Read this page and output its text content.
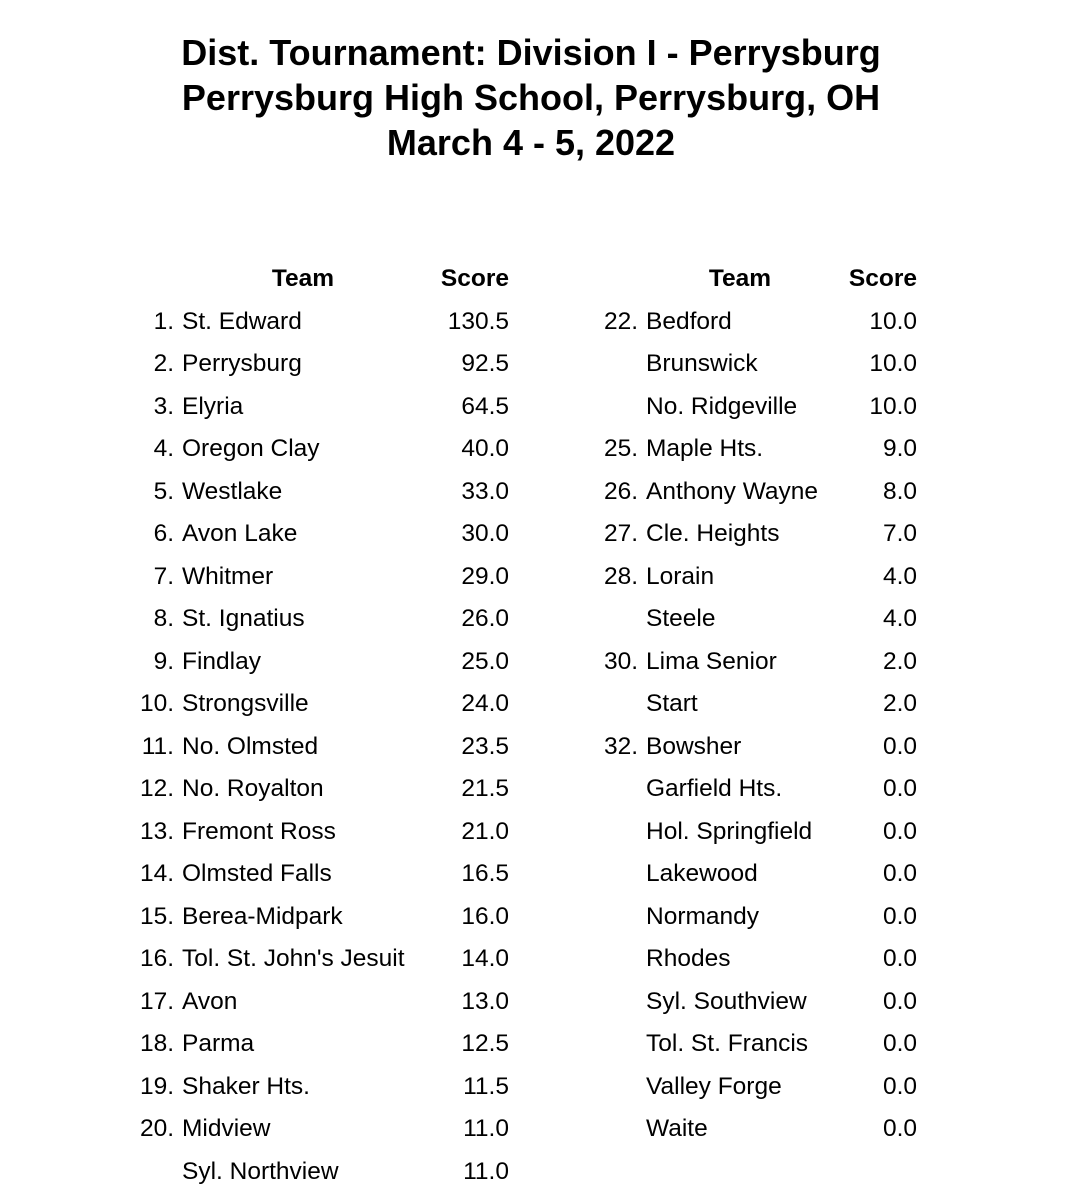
Dist. Tournament: Division I - Perrysburg
Perrysburg High School, Perrysburg, OH
March 4 - 5, 2022
Team	Score
1. St. Edward	130.5
2. Perrysburg	92.5
3. Elyria	64.5
4. Oregon Clay	40.0
5. Westlake	33.0
6. Avon Lake	30.0
7. Whitmer	29.0
8. St. Ignatius	26.0
9. Findlay	25.0
10. Strongsville	24.0
11. No. Olmsted	23.5
12. No. Royalton	21.5
13. Fremont Ross	21.0
14. Olmsted Falls	16.5
15. Berea-Midpark	16.0
16. Tol. St. John's Jesuit	14.0
17. Avon	13.0
18. Parma	12.5
19. Shaker Hts.	11.5
20. Midview	11.0
Syl. Northview	11.0
Team	Score
22. Bedford	10.0
Brunswick	10.0
No. Ridgeville	10.0
25. Maple Hts.	9.0
26. Anthony Wayne	8.0
27. Cle. Heights	7.0
28. Lorain	4.0
Steele	4.0
30. Lima Senior	2.0
Start	2.0
32. Bowsher	0.0
Garfield Hts.	0.0
Hol. Springfield	0.0
Lakewood	0.0
Normandy	0.0
Rhodes	0.0
Syl. Southview	0.0
Tol. St. Francis	0.0
Valley Forge	0.0
Waite	0.0
